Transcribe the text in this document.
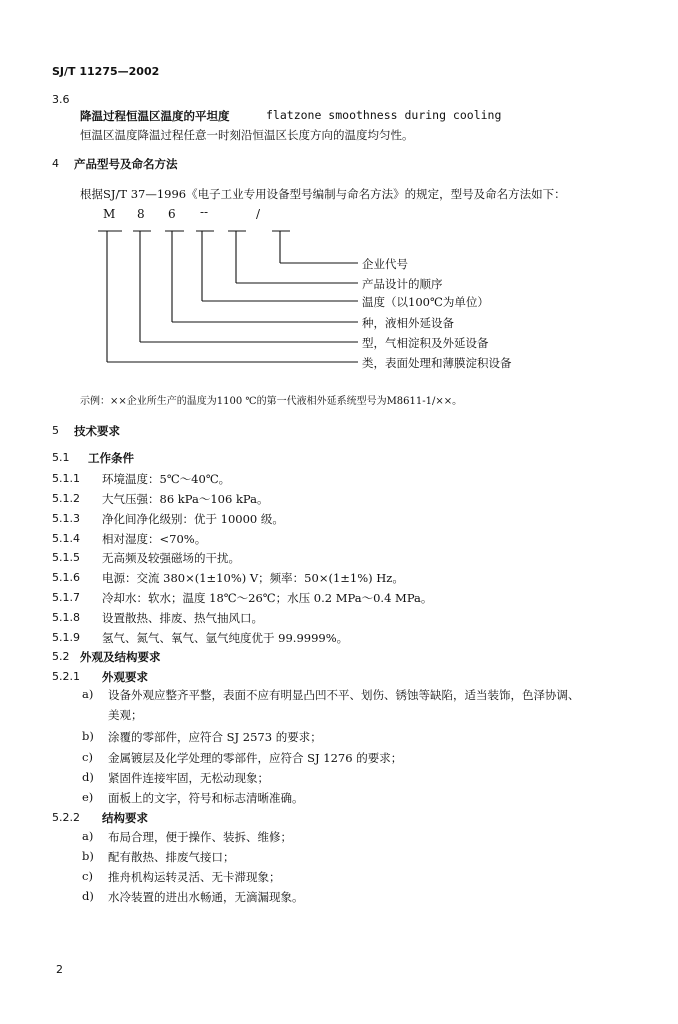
SJ/T 11275—2002
3.6
降温过程恒温区温度的平坦度	flatzone smoothness during cooling
恒温区温度降温过程任意一时刻沿恒温区长度方向的温度均匀性。
4 产品型号及命名方法
根据SJ/T 37—1996《电子工业专用设备型号编制与命名方法》的规定，型号及命名方法如下：
M 8 6 --	/
企业代号
产品设计的顺序
温度（以100℃为单位）
种，液相外延设备
型，气相淀积及外延设备
类，表面处理和薄膜淀积设备
示例：××企业所生产的温度为1100 ℃的第一代液相外延系统型号为M8611-1/××。
5 技术要求
5.1 工作条件
5.1.1 环境温度：5℃～40℃。
5.1.2 大气压强：86 kPa～106 kPa。
5.1.3 净化间净化级别：优于 10000 级。
5.1.4 相对湿度：<70%。
5.1.5 无高频及较强磁场的干扰。
5.1.6 电源：交流 380×(1±10%) V；频率：50×(1±1%) Hz。
5.1.7 冷却水：软水；温度 18℃～26℃；水压 0.2 MPa～0.4 MPa。
5.1.8 设置散热、排废、热气抽风口。
5.1.9 氢气、氮气、氧气、氩气纯度优于 99.9999%。
5.2 外观及结构要求
5.2.1 外观要求
a) 设备外观应整齐平整，表面不应有明显凸凹不平、划伤、锈蚀等缺陷，适当装饰，色泽协调、
美观；
b) 涂覆的零部件，应符合 SJ 2573 的要求；
c) 金属镀层及化学处理的零部件，应符合 SJ 1276 的要求；
d) 紧固件连接牢固，无松动现象；
e) 面板上的文字，符号和标志清晰准确。
5.2.2 结构要求
a) 布局合理，便于操作、装拆、维修；
b) 配有散热、排废气接口；
c) 推舟机构运转灵活、无卡滞现象；
d) 水冷装置的进出水畅通，无滴漏现象。
2
